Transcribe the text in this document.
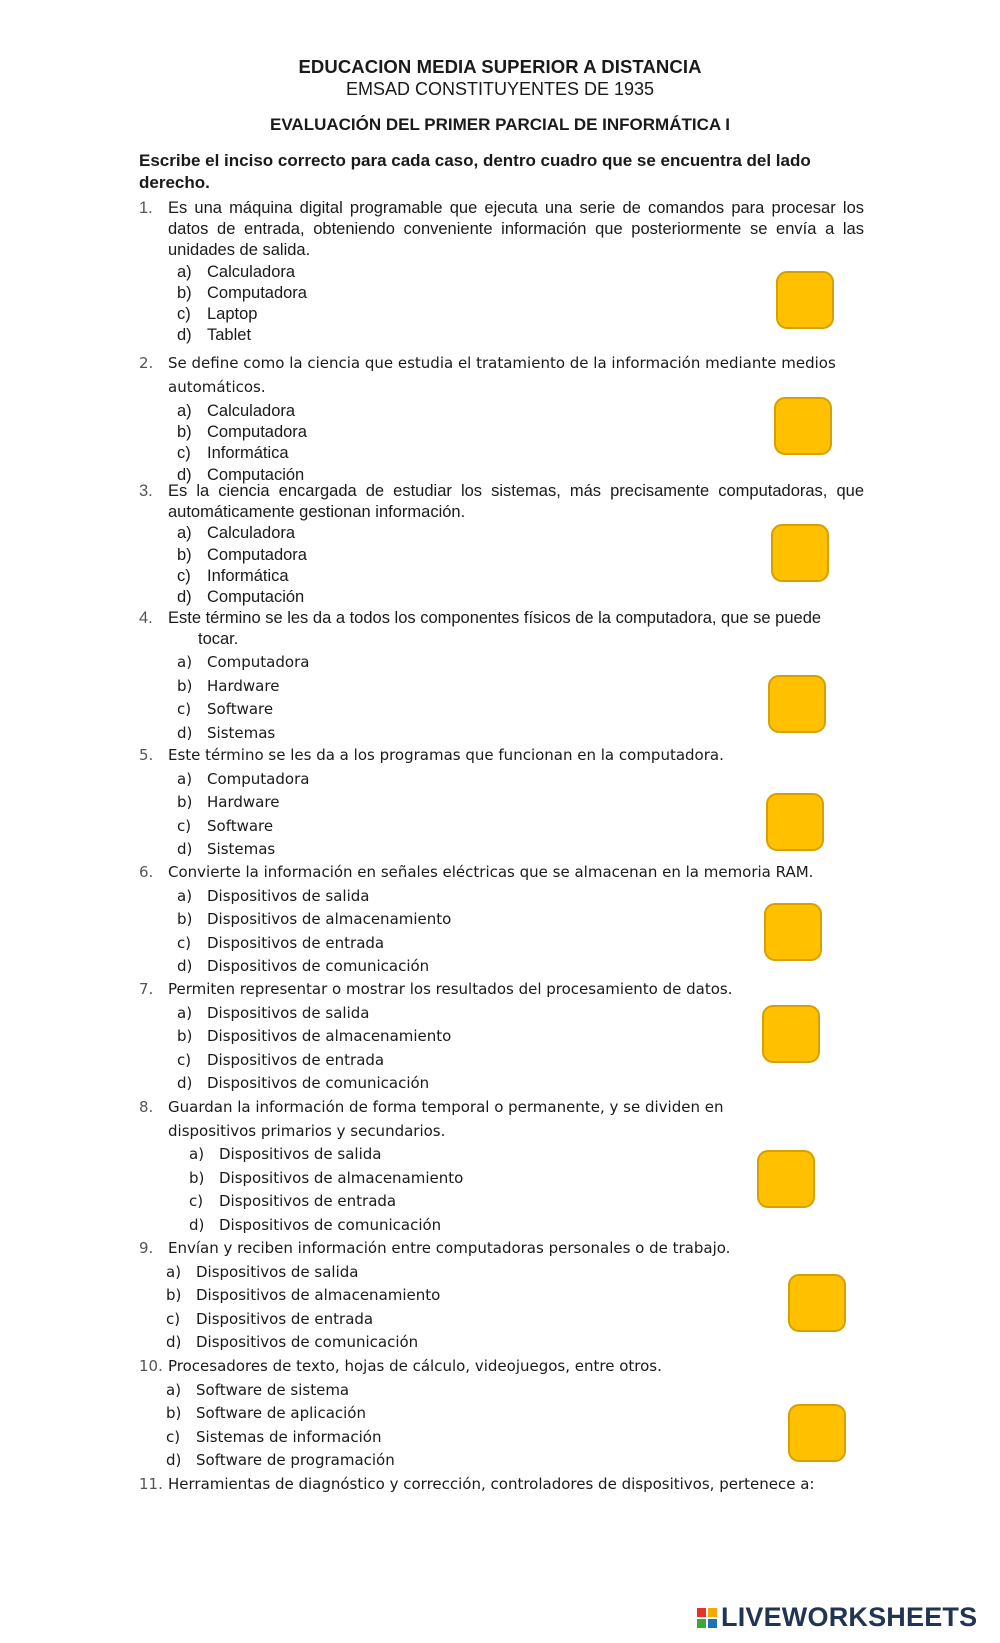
EDUCACION MEDIA SUPERIOR A DISTANCIA
EMSAD CONSTITUYENTES DE 1935
EVALUACIÓN DEL PRIMER PARCIAL DE INFORMÁTICA I
Escribe el inciso correcto para cada caso, dentro cuadro que se encuentra del lado derecho.
1. Es una máquina digital programable que ejecuta una serie de comandos para procesar los datos de entrada, obteniendo conveniente información que posteriormente se envía a las unidades de salida.
a) Calculadora
b) Computadora
c) Laptop
d) Tablet
2. Se define como la ciencia que estudia el tratamiento de la información mediante medios automáticos.
a) Calculadora
b) Computadora
c) Informática
d) Computación
3. Es la ciencia encargada de estudiar los sistemas, más precisamente computadoras, que automáticamente gestionan información.
a) Calculadora
b) Computadora
c) Informática
d) Computación
4. Este término se les da a todos los componentes físicos de la computadora, que se puede
tocar.
a) Computadora
b) Hardware
c)	Software
d) Sistemas
5. Este término se les da a los programas que funcionan en la computadora.
a) Computadora
b) Hardware
c)	Software
d) Sistemas
6. Convierte la información en señales eléctricas que se almacenan en la memoria RAM.
a) Dispositivos de salida
b) Dispositivos de almacenamiento
c)	Dispositivos de entrada
d) Dispositivos de comunicación
7. Permiten representar o mostrar los resultados del procesamiento de datos.
a) Dispositivos de salida
b) Dispositivos de almacenamiento
c)	Dispositivos de entrada
d) Dispositivos de comunicación
8. Guardan la información de forma temporal o permanente, y se dividen en dispositivos primarios y secundarios.
a) Dispositivos de salida
b) Dispositivos de almacenamiento
c)	Dispositivos de entrada
d) Dispositivos de comunicación
9. Envían y reciben información entre computadoras personales o de trabajo.
a) Dispositivos de salida
b) Dispositivos de almacenamiento
c)	Dispositivos de entrada
d) Dispositivos de comunicación
10. Procesadores de texto, hojas de cálculo, videojuegos, entre otros.
a) Software de sistema
b) Software de aplicación
c)	Sistemas de información
d) Software de programación
11. Herramientas de diagnóstico y corrección, controladores de dispositivos, pertenece a:
LIVEWORKSHEETS
